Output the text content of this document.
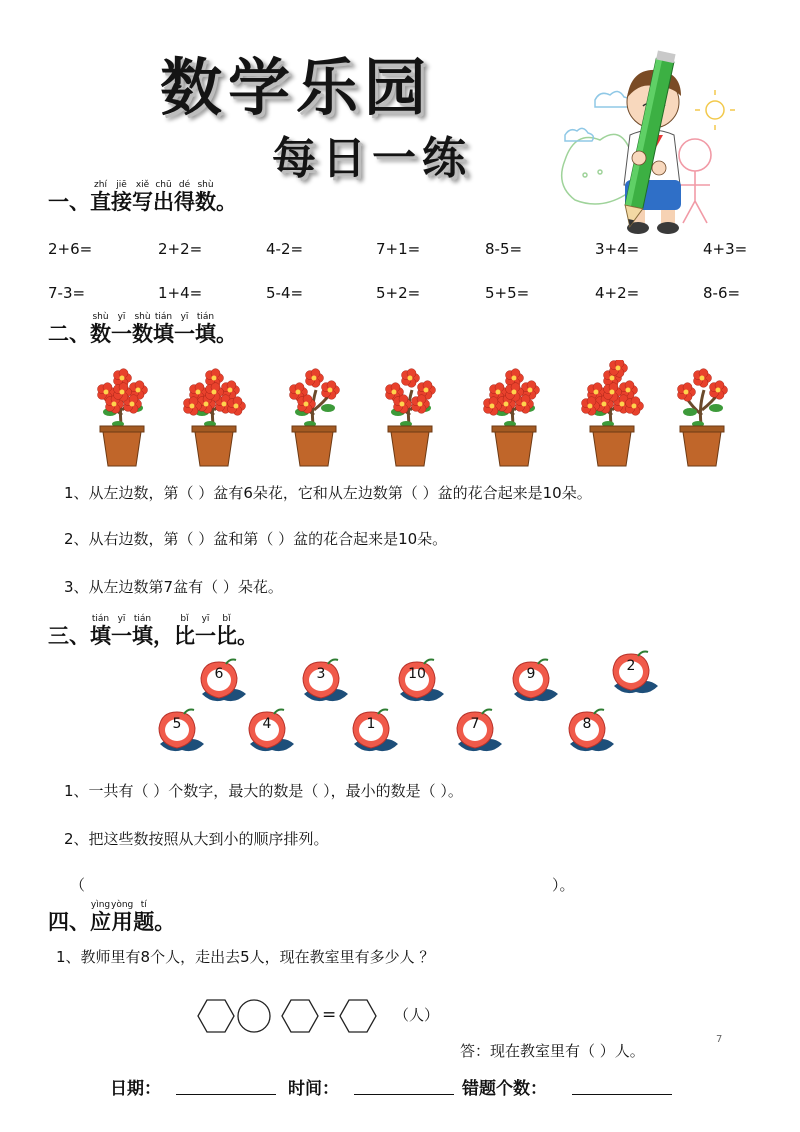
数学乐园
每日一练
一、直zhí接jiē写xiě出chū得dé数shù。
2+6=	2+2=	4-2=	7+1=	8-5=	3+4=	4+3=
7-3=	1+4=	5-4=	5+2=	5+5=	4+2=	8-6=
二、数shù一yī数shù填tián一yī填tián。
1、从左边数，第（ ）盆有6朵花，它和从左边数第（ ）盆的花合起来是10朵。
2、从右边数，第（ ）盆和第（ ）盆的花合起来是10朵。
3、从左边数第7盆有（ ）朵花。
三、填tián一yī填tián，比bǐ一yī比bǐ。
6	3	10	9	2
5	4	1	7	8
1、一共有（ ）个数字，最大的数是（ ），最小的数是（ ）。
2、把这些数按照从大到小的顺序排列。
（	）。
四、应yìng用yòng题tí。
1、教师里有8个人，走出去5人，现在教室里有多少人 ？
=	（人）
答：现在教室里有（ ）人。
7
日期：	时间：	错题个数：
